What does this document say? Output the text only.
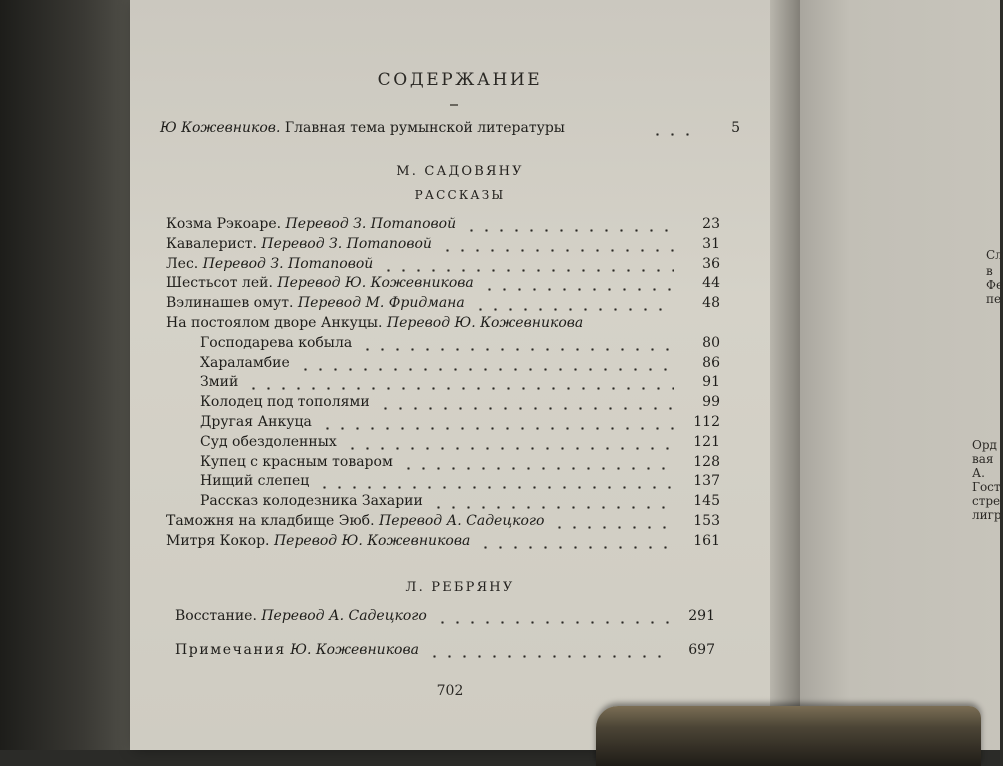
СОДЕРЖАНИЕ
Ю Кожевников. Главная тема румынской литературы	5
М. САДОВЯНУ
РАССКАЗЫ
Козма Рэкоаре. Перевод З. Потаповой	23
Кавалерист. Перевод З. Потаповой	31
Лес. Перевод З. Потаповой	36
Шестьсот лей. Перевод Ю. Кожевникова	44
Вэлинашев омут. Перевод М. Фридмана	48
На постоялом дворе Анкуцы. Перевод Ю. Кожевникова
Господарева кобыла	80
Хараламбие	86
Змий	91
Колодец под тополями	99
Другая Анкуца	112
Суд обездоленных	121
Купец с красным товаром	128
Нищий слепец	137
Рассказ колодезника Захарии	145
Таможня на кладбище Эюб. Перевод А. Садецкого	153
Митря Кокор. Перевод Ю. Кожевникова	161
Л. РЕБРЯНУ
Восстание. Перевод А. Садецкого	291
Примечания Ю. Кожевникова	697
702
Сл
в
Фе
пе
Орд
вая
А.
Гост
стре
лигр
